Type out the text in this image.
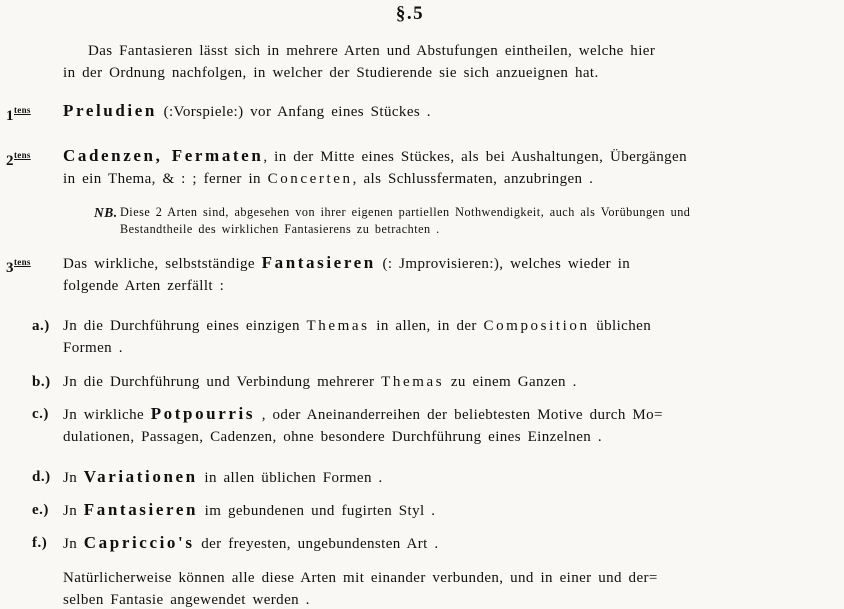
§.5
Das Fantasieren lässt sich in mehrere Arten und Abstufungen eintheilen, welche hier
in der Ordnung nachfolgen, in welcher der Studierende sie sich anzueignen hat.
$1^{tens}$	Preludien (:Vorspiele:) vor Anfang eines Stückes .
$2^{tens}$	Cadenzen, Fermaten, in der Mitte eines Stückes, als bei Aushaltungen, Übergängen
in ein Thema, & : ; ferner in Concerten, als Schlussfermaten, anzubringen .
NB. Diese 2 Arten sind, abgesehen von ihrer eigenen partiellen Nothwendigkeit, auch als Vorübungen und
Bestandtheile des wirklichen Fantasierens zu betrachten .
$3^{tens}$	Das wirkliche, selbstständige Fantasieren (: Jmprovisieren:), welches wieder in
folgende Arten zerfällt :
a.) Jn die Durchführung eines einzigen Themas in allen, in der Composition üblichen
Formen .
b.) Jn die Durchführung und Verbindung mehrerer Themas zu einem Ganzen .
c.) Jn wirkliche Potpourris , oder Aneinanderreihen der beliebtesten Motive durch Mo=
dulationen, Passagen, Cadenzen, ohne besondere Durchführung eines Einzelnen .
d.) Jn Variationen in allen üblichen Formen .
e.) Jn Fantasieren im gebundenen und fugirten Styl .
f.)	Jn Capriccio's der freyesten, ungebundensten Art .
Natürlicherweise können alle diese Arten mit einander verbunden, und in einer und der=
selben Fantasie angewendet werden .
